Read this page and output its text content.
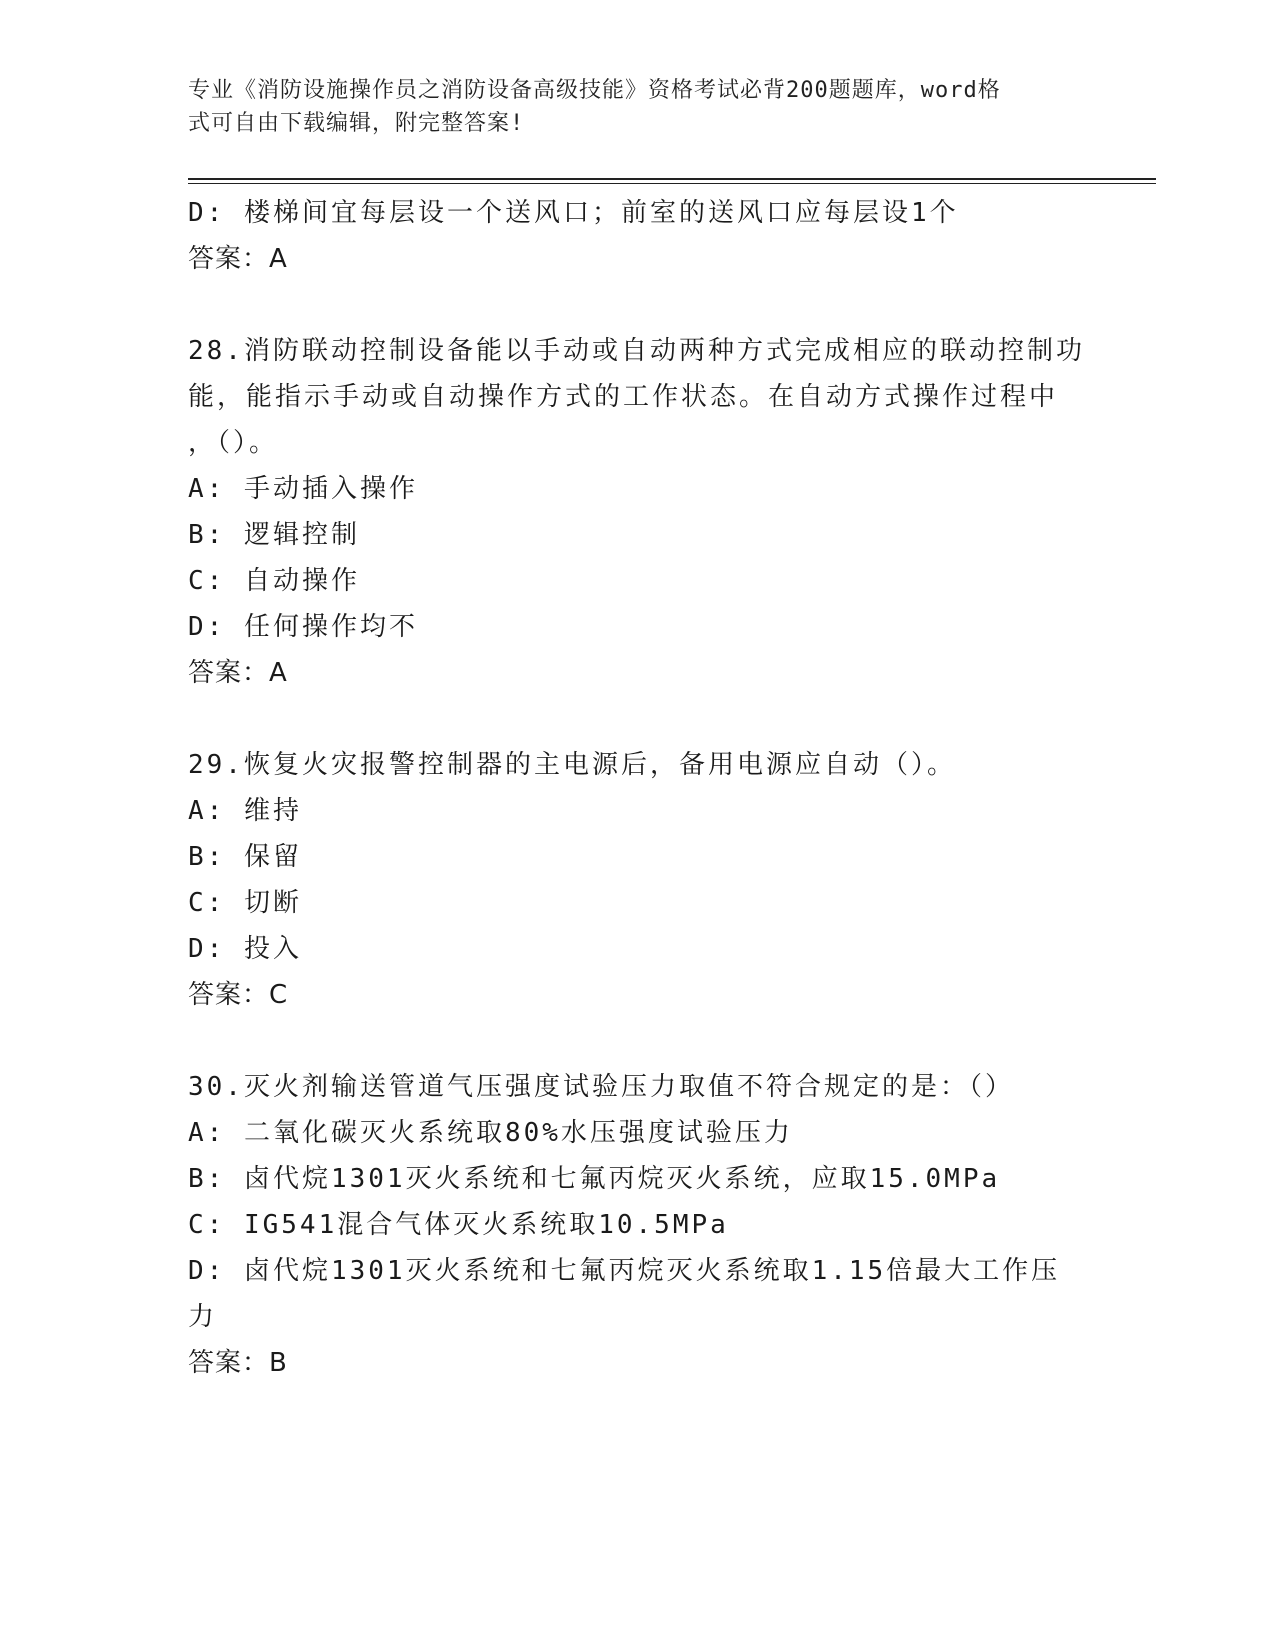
专业《消防设施操作员之消防设备高级技能》资格考试必背200题题库，word格
式可自由下载编辑，附完整答案!
D: 楼梯间宜每层设一个送风口；前室的送风口应每层设1个
答案：A
28.消防联动控制设备能以手动或自动两种方式完成相应的联动控制功
能，能指示手动或自动操作方式的工作状态。在自动方式操作过程中
，（）。
A: 手动插入操作
B: 逻辑控制
C: 自动操作
D: 任何操作均不
答案：A
29.恢复火灾报警控制器的主电源后，备用电源应自动（）。
A: 维持
B: 保留
C: 切断
D: 投入
答案：C
30.灭火剂输送管道气压强度试验压力取值不符合规定的是：（）
A: 二氧化碳灭火系统取80%水压强度试验压力
B: 卤代烷1301灭火系统和七氟丙烷灭火系统，应取15.0MPa
C: IG541混合气体灭火系统取10.5MPa
D: 卤代烷1301灭火系统和七氟丙烷灭火系统取1.15倍最大工作压力
答案：B
